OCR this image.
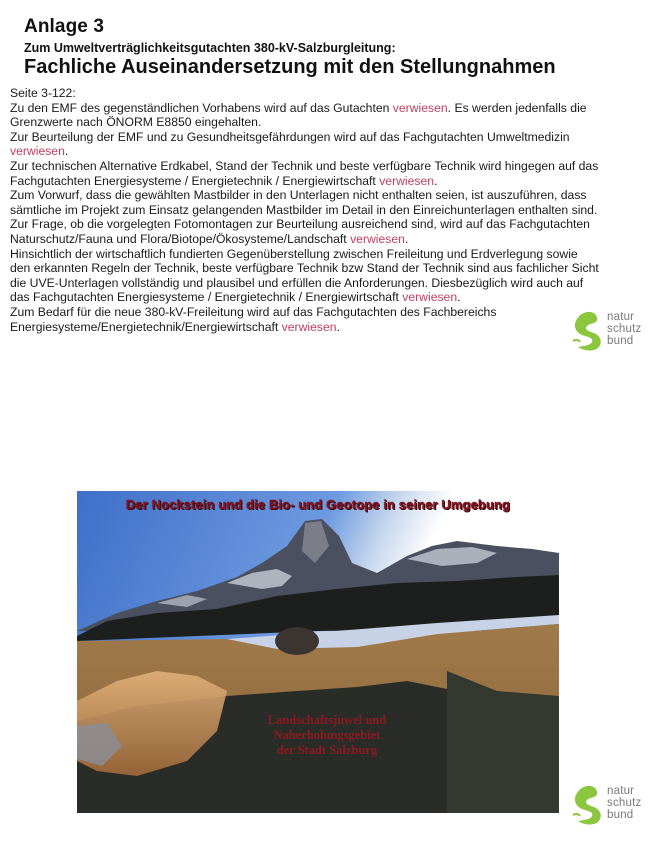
Anlage 3
Zum Umweltverträglichkeitsgutachten 380-kV-Salzburgleitung:
Fachliche Auseinandersetzung mit den Stellungnahmen
Seite 3-122:
Zu den EMF des gegenständlichen Vorhabens wird auf das Gutachten verwiesen. Es werden jedenfalls die
Grenzwerte nach ÖNORM E8850 eingehalten.
Zur Beurteilung der EMF und zu Gesundheitsgefährdungen wird auf das Fachgutachten Umweltmedizin
verwiesen.
Zur technischen Alternative Erdkabel, Stand der Technik und beste verfügbare Technik wird hingegen auf das
Fachgutachten Energiesysteme / Energietechnik / Energiewirtschaft verwiesen.
Zum Vorwurf, dass die gewählten Mastbilder in den Unterlagen nicht enthalten seien, ist auszuführen, dass
sämtliche im Projekt zum Einsatz gelangenden Mastbilder im Detail in den Einreichunterlagen enthalten sind.
Zur Frage, ob die vorgelegten Fotomontagen zur Beurteilung ausreichend sind, wird auf das Fachgutachten
Naturschutz/Fauna und Flora/Biotope/Ökosysteme/Landschaft verwiesen.
Hinsichtlich der wirtschaftlich fundierten Gegenüberstellung zwischen Freileitung und Erdverlegung sowie
den erkannten Regeln der Technik, beste verfügbare Technik bzw Stand der Technik sind aus fachlicher Sicht
die UVE-Unterlagen vollständig und plausibel und erfüllen die Anforderungen. Diesbezüglich wird auch auf
das Fachgutachten Energiesysteme / Energietechnik / Energiewirtschaft verwiesen.
Zum Bedarf für die neue 380-kV-Freileitung wird auf das Fachgutachten des Fachbereichs
Energiesysteme/Energietechnik/Energiewirtschaft verwiesen.
natur
schutz
bund
Der Nockstein und die Bio- und Geotope in seiner Umgebung
Landschaftsjuwel und
Naherholungsgebiet
der Stadt Salzburg
natur
schutz
bund
